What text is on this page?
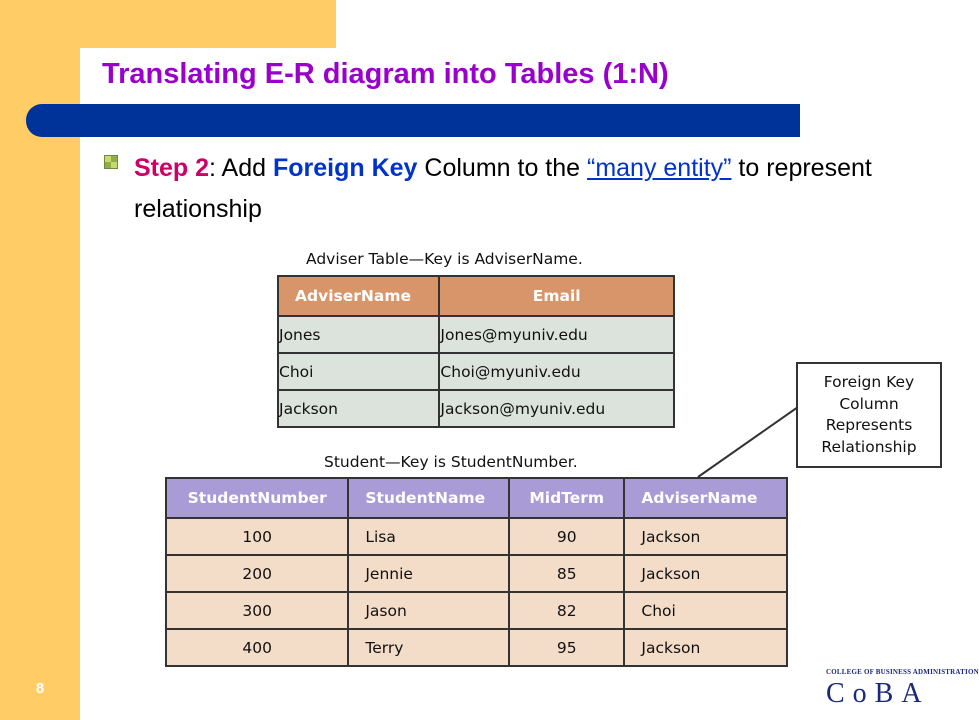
Translating E-R diagram into Tables (1:N)
Step 2: Add Foreign Key Column to the “many entity” to represent relationship
Adviser Table—Key is AdviserName.
AdviserName	Email
Jones	Jones@myuniv.edu
Choi	Choi@myuniv.edu
Jackson	Jackson@myuniv.edu
Student—Key is StudentNumber.
StudentNumber	StudentName	MidTerm	AdviserName
100	Lisa	90	Jackson
200	Jennie	85	Jackson
300	Jason	82	Choi
400	Terry	95	Jackson
Foreign Key
Column
Represents
Relationship
8
COLLEGE OF BUSINESS ADMINISTRATION
CoBA
